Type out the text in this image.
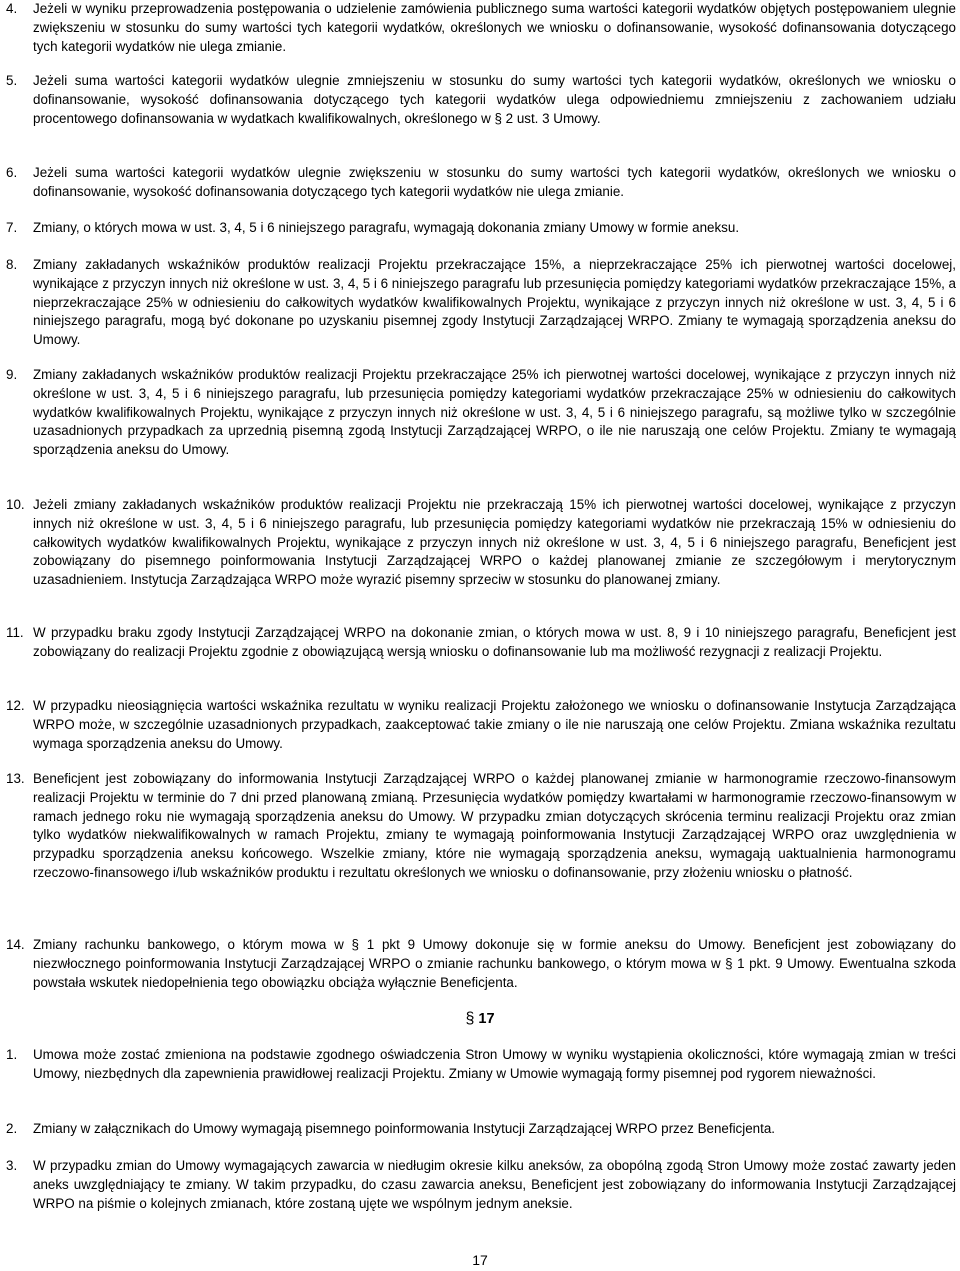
4. Jeżeli w wyniku przeprowadzenia postępowania o udzielenie zamówienia publicznego suma wartości kategorii wydatków objętych postępowaniem ulegnie zwiększeniu w stosunku do sumy wartości tych kategorii wydatków, określonych we wniosku o dofinansowanie, wysokość dofinansowania dotyczącego tych kategorii wydatków nie ulega zmianie.
5. Jeżeli suma wartości kategorii wydatków ulegnie zmniejszeniu w stosunku do sumy wartości tych kategorii wydatków, określonych we wniosku o dofinansowanie, wysokość dofinansowania dotyczącego tych kategorii wydatków ulega odpowiedniemu zmniejszeniu z zachowaniem udziału procentowego dofinansowania w wydatkach kwalifikowalnych, określonego w § 2 ust. 3 Umowy.
6. Jeżeli suma wartości kategorii wydatków ulegnie zwiększeniu w stosunku do sumy wartości tych kategorii wydatków, określonych we wniosku o dofinansowanie, wysokość dofinansowania dotyczącego tych kategorii wydatków nie ulega zmianie.
7. Zmiany, o których mowa w ust. 3, 4, 5 i 6 niniejszego paragrafu, wymagają dokonania zmiany Umowy w formie aneksu.
8. Zmiany zakładanych wskaźników produktów realizacji Projektu przekraczające 15%, a nieprzekraczające 25% ich pierwotnej wartości docelowej, wynikające z przyczyn innych niż określone w ust. 3, 4, 5 i 6 niniejszego paragrafu lub przesunięcia pomiędzy kategoriami wydatków przekraczające 15%, a nieprzekraczające 25% w odniesieniu do całkowitych wydatków kwalifikowalnych Projektu, wynikające z przyczyn innych niż określone w ust. 3, 4, 5 i 6 niniejszego paragrafu, mogą być dokonane po uzyskaniu pisemnej zgody Instytucji Zarządzającej WRPO. Zmiany te wymagają sporządzenia aneksu do Umowy.
9. Zmiany zakładanych wskaźników produktów realizacji Projektu przekraczające 25% ich pierwotnej wartości docelowej, wynikające z przyczyn innych niż określone w ust. 3, 4, 5 i 6 niniejszego paragrafu, lub przesunięcia pomiędzy kategoriami wydatków przekraczające 25% w odniesieniu do całkowitych wydatków kwalifikowalnych Projektu, wynikające z przyczyn innych niż określone w ust. 3, 4, 5 i 6 niniejszego paragrafu, są możliwe tylko w szczególnie uzasadnionych przypadkach za uprzednią pisemną zgodą Instytucji Zarządzającej WRPO, o ile nie naruszają one celów Projektu. Zmiany te wymagają sporządzenia aneksu do Umowy.
10. Jeżeli zmiany zakładanych wskaźników produktów realizacji Projektu nie przekraczają 15% ich pierwotnej wartości docelowej, wynikające z przyczyn innych niż określone w ust. 3, 4, 5 i 6 niniejszego paragrafu, lub przesunięcia pomiędzy kategoriami wydatków nie przekraczają 15% w odniesieniu do całkowitych wydatków kwalifikowalnych Projektu, wynikające z przyczyn innych niż określone w ust. 3, 4, 5 i 6 niniejszego paragrafu, Beneficjent jest zobowiązany do pisemnego poinformowania Instytucji Zarządzającej WRPO o każdej planowanej zmianie ze szczegółowym i merytorycznym uzasadnieniem. Instytucja Zarządzająca WRPO może wyrazić pisemny sprzeciw w stosunku do planowanej zmiany.
11. W przypadku braku zgody Instytucji Zarządzającej WRPO na dokonanie zmian, o których mowa w ust. 8, 9 i 10 niniejszego paragrafu, Beneficjent jest zobowiązany do realizacji Projektu zgodnie z obowiązującą wersją wniosku o dofinansowanie lub ma możliwość rezygnacji z realizacji Projektu.
12. W przypadku nieosiągnięcia wartości wskaźnika rezultatu w wyniku realizacji Projektu założonego we wniosku o dofinansowanie Instytucja Zarządzająca WRPO może, w szczególnie uzasadnionych przypadkach, zaakceptować takie zmiany o ile nie naruszają one celów Projektu. Zmiana wskaźnika rezultatu wymaga sporządzenia aneksu do Umowy.
13. Beneficjent jest zobowiązany do informowania Instytucji Zarządzającej WRPO o każdej planowanej zmianie w harmonogramie rzeczowo-finansowym realizacji Projektu w terminie do 7 dni przed planowaną zmianą. Przesunięcia wydatków pomiędzy kwartałami w harmonogramie rzeczowo-finansowym w ramach jednego roku nie wymagają sporządzenia aneksu do Umowy. W przypadku zmian dotyczących skrócenia terminu realizacji Projektu oraz zmian tylko wydatków niekwalifikowalnych w ramach Projektu, zmiany te wymagają poinformowania Instytucji Zarządzającej WRPO oraz uwzględnienia w przypadku sporządzenia aneksu końcowego. Wszelkie zmiany, które nie wymagają sporządzenia aneksu, wymagają uaktualnienia harmonogramu rzeczowo-finansowego i/lub wskaźników produktu i rezultatu określonych we wniosku o dofinansowanie, przy złożeniu wniosku o płatność.
14. Zmiany rachunku bankowego, o którym mowa w § 1 pkt 9 Umowy dokonuje się w formie aneksu do Umowy. Beneficjent jest zobowiązany do niezwłocznego poinformowania Instytucji Zarządzającej WRPO o zmianie rachunku bankowego, o którym mowa w § 1 pkt. 9 Umowy. Ewentualna szkoda powstała wskutek niedopełnienia tego obowiązku obciąża wyłącznie Beneficjenta.
§ 17
1. Umowa może zostać zmieniona na podstawie zgodnego oświadczenia Stron Umowy w wyniku wystąpienia okoliczności, które wymagają zmian w treści Umowy, niezbędnych dla zapewnienia prawidłowej realizacji Projektu. Zmiany w Umowie wymagają formy pisemnej pod rygorem nieważności.
2. Zmiany w załącznikach do Umowy wymagają pisemnego poinformowania Instytucji Zarządzającej WRPO przez Beneficjenta.
3. W przypadku zmian do Umowy wymagających zawarcia w niedługim okresie kilku aneksów, za obopólną zgodą Stron Umowy może zostać zawarty jeden aneks uwzględniający te zmiany. W takim przypadku, do czasu zawarcia aneksu, Beneficjent jest zobowiązany do informowania Instytucji Zarządzającej WRPO na piśmie o kolejnych zmianach, które zostaną ujęte we wspólnym jednym aneksie.
17
